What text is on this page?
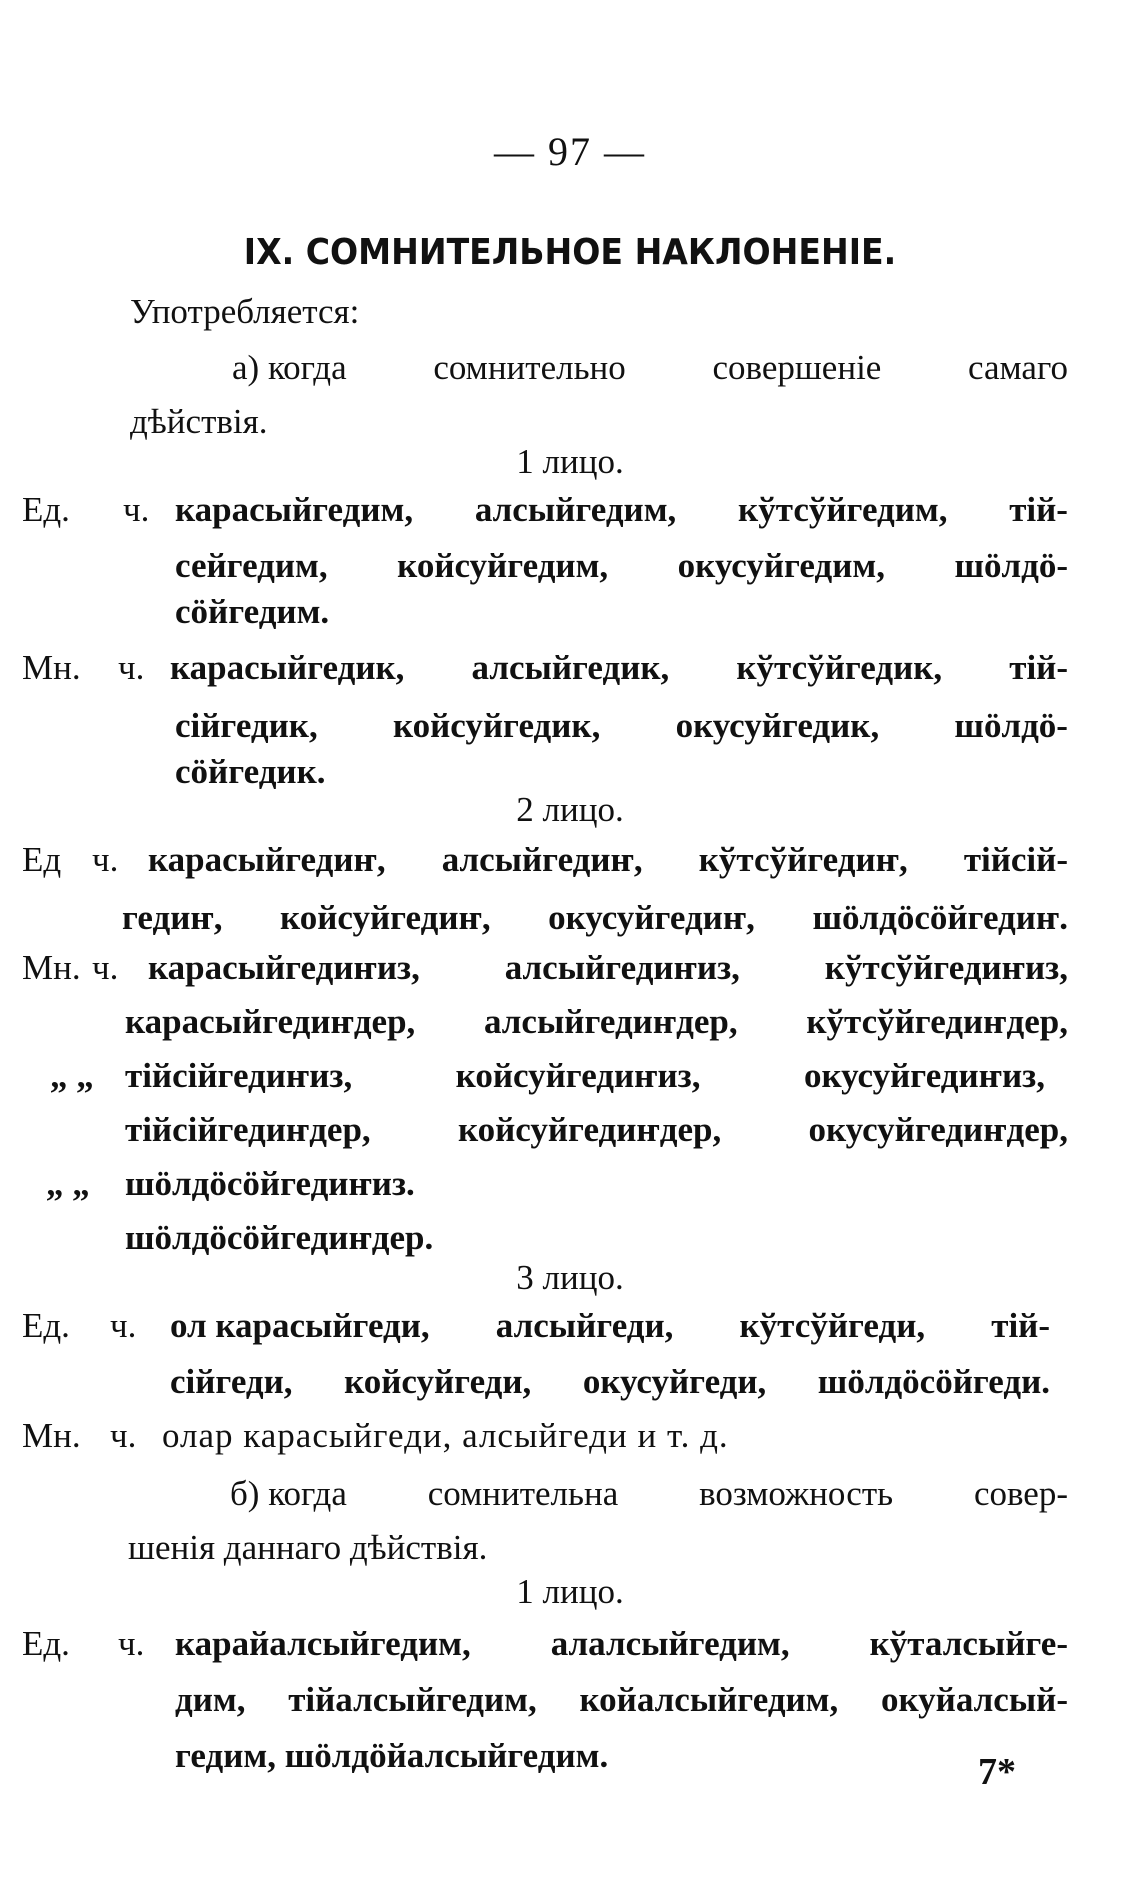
— 97 —
IX. СОМНИТЕЛЬНОЕ НАКЛОНЕНІЕ.
Употребляется:
а) когда сомнительно совершеніе самаго
дѣйствія.
1 лицо.
Ед. ч. карасыйгедим, алсыйгедим, кўтсўйгедим, тій-
сейгедим, койсуйгедим, окусуйгедим, шöлдö-
сöйгедим.
Мн. ч. карасыйгедик, алсыйгедик, кўтсўйгедик, тій-
сійгедик, койсуйгедик, окусуйгедик, шöлдö-
сöйгедик.
2 лицо.
Ед ч. карасыйгедиҥ, алсыйгедиҥ, кўтсўйгедиҥ, тійсій-
гедиҥ, койсуйгедиҥ, окусуйгедиҥ, шöлдöсöйгедиҥ.
Мн. ч. карасыйгедиҥиз, алсыйгедиҥиз, кўтсўйгедиҥиз,
карасыйгедиҥдер, алсыйгедиҥдер, кўтсўйгедиҥдер,
„ „ тійсійгедиҥиз,	койсуйгедиҥиз,	окусуйгедиҥиз,
тійсійгедиҥдер, койсуйгедиҥдер, окусуйгедиҥдер,
„ „ шöлдöсöйгедиҥиз.
шöлдöсöйгедиҥдер.
3 лицо.
Ед. ч. ол карасыйгеди, алсыйгеди, кўтсўйгеди, тій-
сійгеди, койсуйгеди, окусуйгеди, шöлдöсöйгеди.
Мн. ч. олар карасыйгеди, алсыйгеди и т. д.
б) когда сомнительна возможность совер-
шенія даннаго дѣйствія.
1 лицо.
Ед. ч. карайалсыйгедим, алалсыйгедим, кўталсыйге-
дим, тійалсыйгедим, койалсыйгедим, окуйалсый-
гедим, шöлдöйалсыйгедим.	7*
